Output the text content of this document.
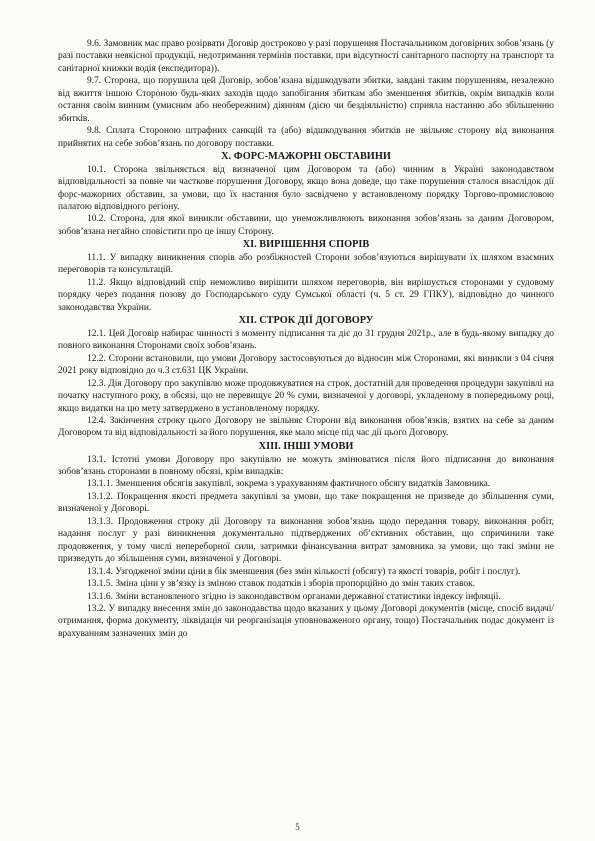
9.6. Замовник має право розірвати Договір достроково у разі порушення Постачальником договірних зобов’язань (у разі поставки неякісної продукції, недотримання термінів поставки, при відсутності санітарного паспорту на транспорт та санітарної книжки водія (експедитора)).

9.7. Сторона, що порушила цей Договір, зобов’язана відшкодувати збитки, завдані таким порушенням, незалежно від вжиття іншою Стороною будь-яких заходів щодо запобігання збиткам або зменшення збитків, окрім випадків коли остання своїм винним (умисним або необережним) діянням (дією чи бездіяльністю) сприяла настанню або збільшенню збитків.

9.8. Сплата Стороною штрафних санкцій та (або) відшкодування збитків не звільняє сторону від виконання прийнятих на себе зобов’язань по договору поставки.

X. ФОРС-МАЖОРНІ ОБСТАВИНИ

10.1. Сторона звільняється від визначеної цим Договором та (або) чинним в Україні законодавством відповідальності за повне чи часткове порушення Договору, якщо вона доведе, що таке порушення сталося внаслідок дії форс-мажорних обставин, за умови, що їх настання було засвідчено у встановленому порядку Торгово-промисловою палатою відповідного регіону.

10.2. Сторона, для якої виникли обставини, що унеможливлюють виконання зобов’язань за даним Договором, зобов’язана негайно сповістити про це іншу Сторону.

XI. ВИРІШЕННЯ СПОРІВ

11.1. У випадку виникнення спорів або розбіжностей Сторони зобов’язуються вирішувати їх шляхом взаємних переговорів та консультацій.

11.2. Якщо відповідний спір неможливо вирішити шляхом переговорів, він вирішується сторонами у судовому порядку через подання позову до Господарського суду Сумської області (ч. 5 ст. 29 ГПКУ), відповідно до чинного законодавства України.

XII. СТРОК ДІЇ ДОГОВОРУ

12.1. Цей Договір набирає чинності з моменту підписання та діє до 31 грудня 2021р., але в будь-якому випадку до повного виконання Сторонами своїх зобов’язань.

12.2. Сторони встановили, що умови Договору застосовуються до відносин між Сторонами, які виникли з 04 січня 2021 року відповідно до ч.3 ст.631 ЦК України.

12.3. Дія Договору про закупівлю може продовжуватися на строк, достатній для проведення процедури закупівлі на початку наступного року, в обсязі, що не перевищує 20 % суми, визначеної у договорі, укладеному в попередньому році, якщо видатки на цю мету затверджено в установленому порядку.

12.4. Закінчення строку цього Договору не звільняє Сторони від виконання обов’язків, взятих на себе за даним Договором та від відповідальності за його порушення, яке мало місце під час дії цього Договору.

XIII. ІНШІ УМОВИ

13.1. Істотні умови Договору про закупівлю не можуть змінюватися після його підписання до виконання зобов’язань сторонами в повному обсязі, крім випадків:

13.1.1. Зменшення обсягів закупівлі, зокрема з урахуванням фактичного обсягу видатків Замовника.

13.1.2. Покращення якості предмета закупівлі за умови, що таке покращення не призведе до збільшення суми, визначеної у Договорі.

13.1.3. Продовження строку дії Договору та виконання зобов’язань щодо передання товару, виконання робіт, надання послуг у разі виникнення документально підтверджених об’єктивних обставин, що спричинили таке продовження, у тому числі непереборної сили, затримки фінансування витрат замовника за умови, що такі зміни не призведуть до збільшення суми, визначеної у Договорі.

13.1.4. Узгодженої зміни ціни в бік зменшення (без змін кількості (обсягу) та якості товарів, робіт і послуг).

13.1.5. Зміна ціни у зв’язку із зміною ставок податків і зборів пропорційно до змін таких ставок.

13.1.6. Зміни встановленого згідно із законодавством органами державної статистики індексу інфляції.

13.2. У випадку внесення змін до законодавства щодо вказаних у цьому Договорі документів (місце, спосіб видачі/отримання, форма документу, ліквідація чи реорганізація уповноваженого органу, тощо) Постачальник подає документ із врахуванням зазначених змін до

5
